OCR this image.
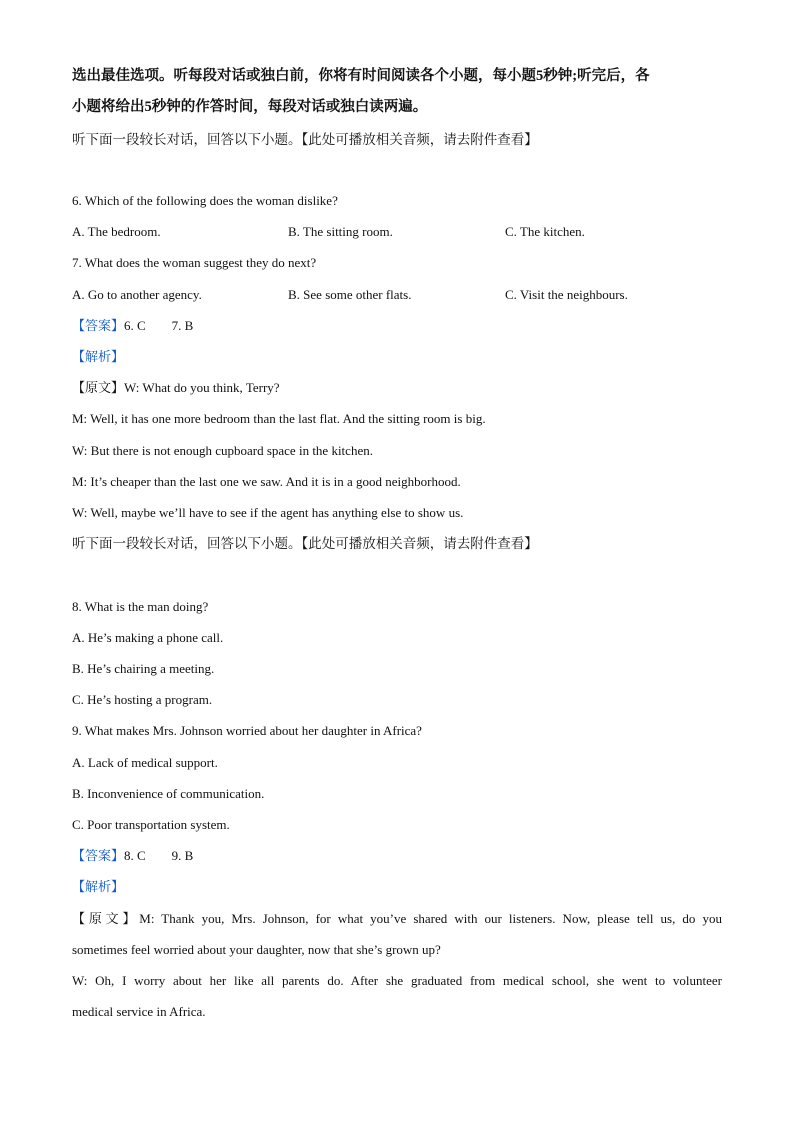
选出最佳选项。听每段对话或独白前，你将有时间阅读各个小题，每小题5秒钟;听完后，各
小题将给出5秒钟的作答时间，每段对话或独白读两遍。
听下面一段较长对话，回答以下小题。【此处可播放相关音频，请去附件查看】
6. Which of the following does the woman dislike?
A. The bedroom.	B. The sitting room.	C. The kitchen.
7. What does the woman suggest they do next?
A. Go to another agency.	B. See some other flats.	C. Visit the neighbours.
【答案】6. C        7. B
【解析】
【原文】W: What do you think, Terry?
M: Well, it has one more bedroom than the last flat. And the sitting room is big.
W: But there is not enough cupboard space in the kitchen.
M: It’s cheaper than the last one we saw. And it is in a good neighborhood.
W: Well, maybe we’ll have to see if the agent has anything else to show us.
听下面一段较长对话，回答以下小题。【此处可播放相关音频，请去附件查看】
8. What is the man doing?
A. He’s making a phone call.
B. He’s chairing a meeting.
C. He’s hosting a program.
9. What makes Mrs. Johnson worried about her daughter in Africa?
A. Lack of medical support.
B. Inconvenience of communication.
C. Poor transportation system.
【答案】8. C        9. B
【解析】
【原文】M: Thank you, Mrs. Johnson, for what you’ve shared with our listeners. Now, please tell us, do you
sometimes feel worried about your daughter, now that she’s grown up?
W: Oh, I worry about her like all parents do. After she graduated from medical school, she went to volunteer
medical service in Africa.
